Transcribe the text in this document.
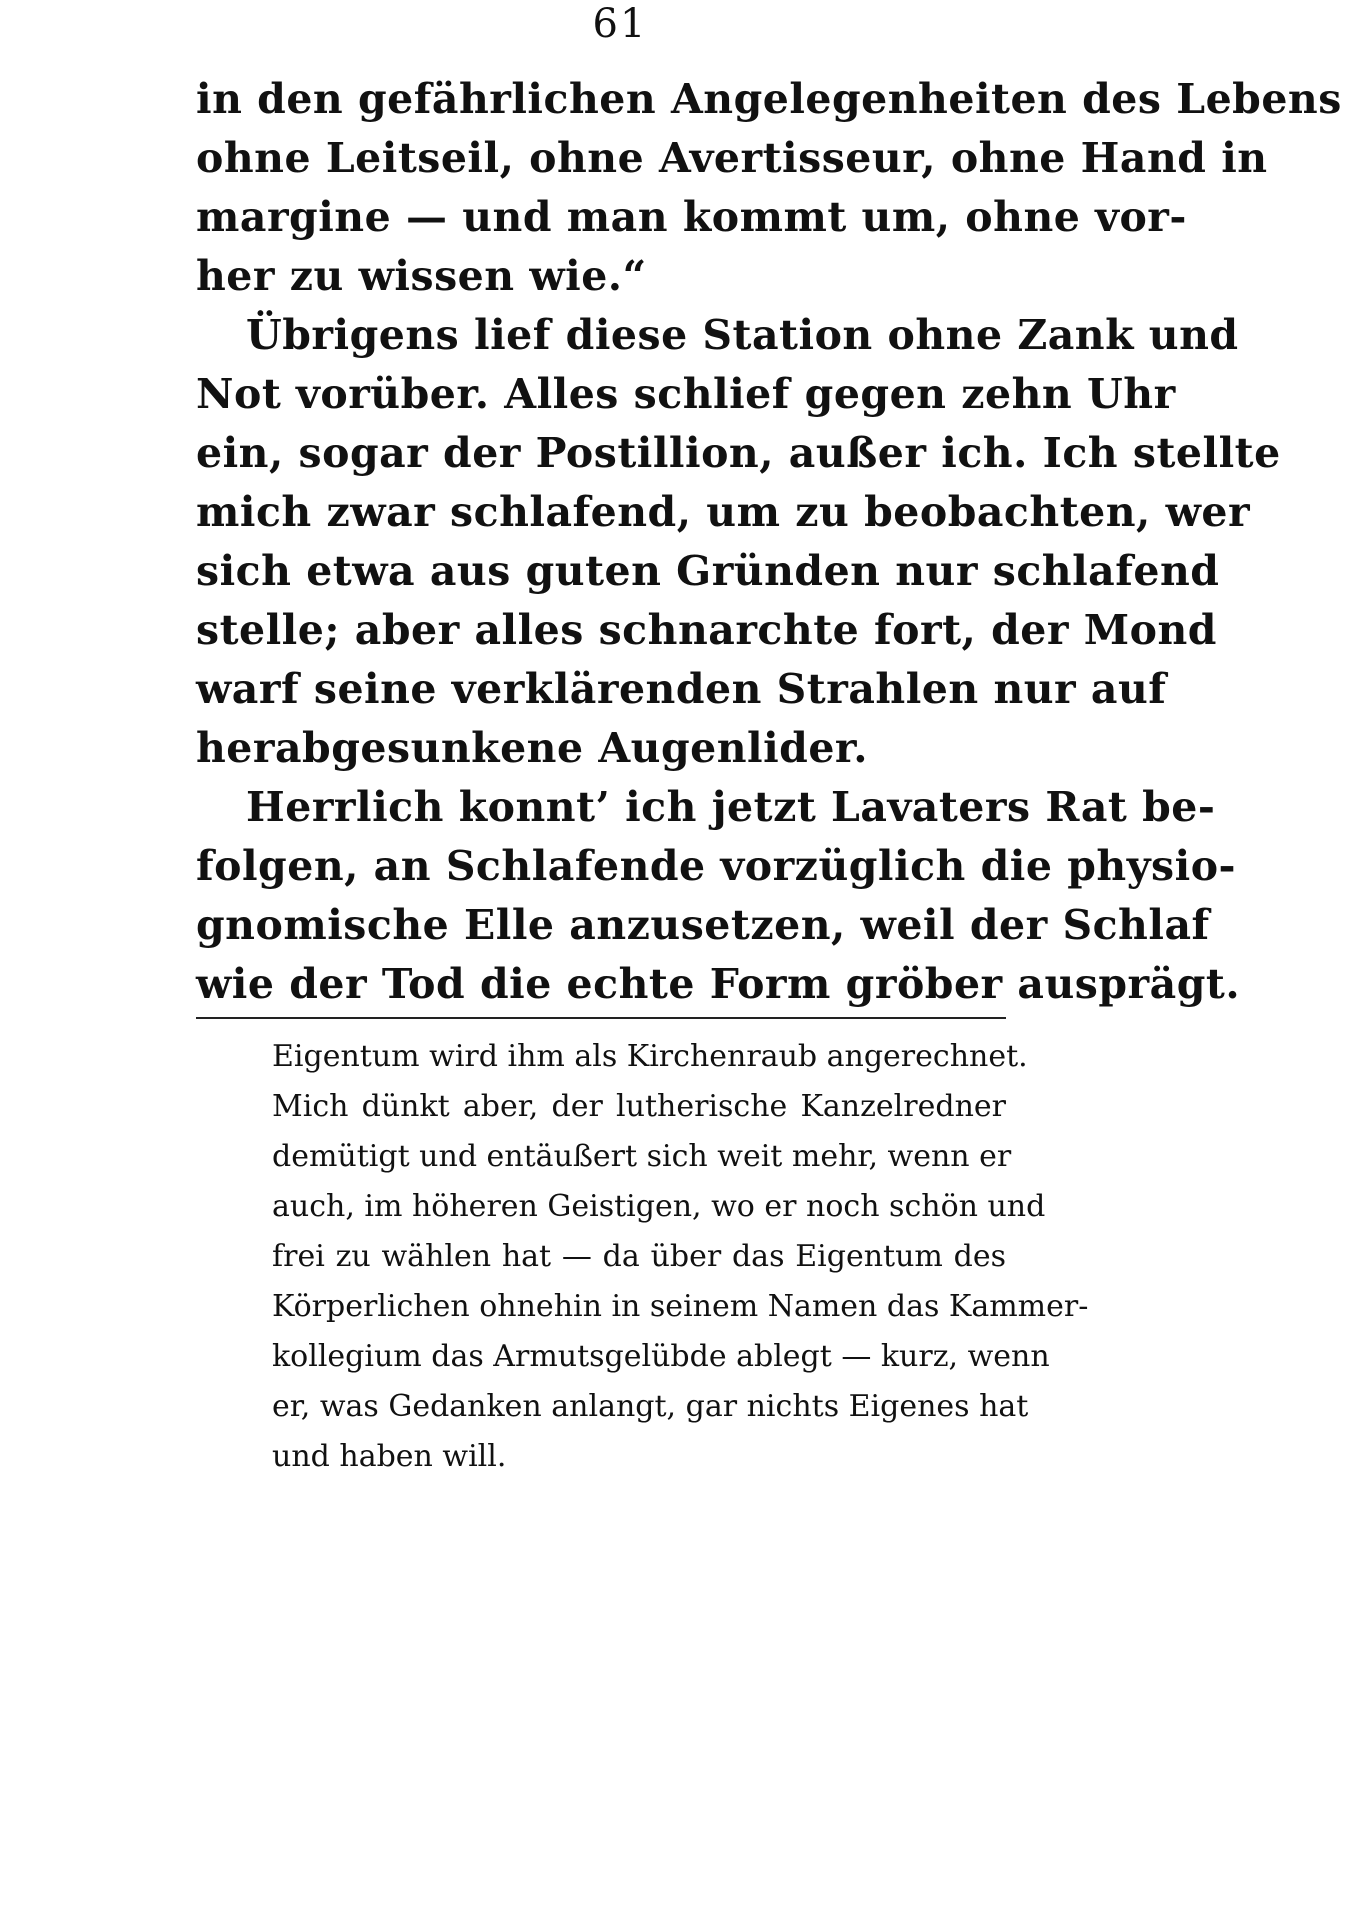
61
in den gefährlichen Angelegenheiten des Lebens
ohne Leitseil, ohne Avertisseur, ohne Hand in
margine — und man kommt um, ohne vor-
her zu wissen wie.“
Übrigens lief diese Station ohne Zank und
Not vorüber. Alles schlief gegen zehn Uhr
ein, sogar der Postillion, außer ich. Ich stellte
mich zwar schlafend, um zu beobachten, wer
sich etwa aus guten Gründen nur schlafend
stelle; aber alles schnarchte fort, der Mond
warf seine verklärenden Strahlen nur auf
herabgesunkene Augenlider.
Herrlich konnt’ ich jetzt Lavaters Rat be-
folgen, an Schlafende vorzüglich die physio-
gnomische Elle anzusetzen, weil der Schlaf
wie der Tod die echte Form gröber ausprägt.
Eigentum wird ihm als Kirchenraub angerechnet.
Mich dünkt aber, der lutherische Kanzelredner
demütigt und entäußert sich weit mehr, wenn er
auch, im höheren Geistigen, wo er noch schön und
frei zu wählen hat — da über das Eigentum des
Körperlichen ohnehin in seinem Namen das Kammer-
kollegium das Armutsgelübde ablegt — kurz, wenn
er, was Gedanken anlangt, gar nichts Eigenes hat
und haben will.
